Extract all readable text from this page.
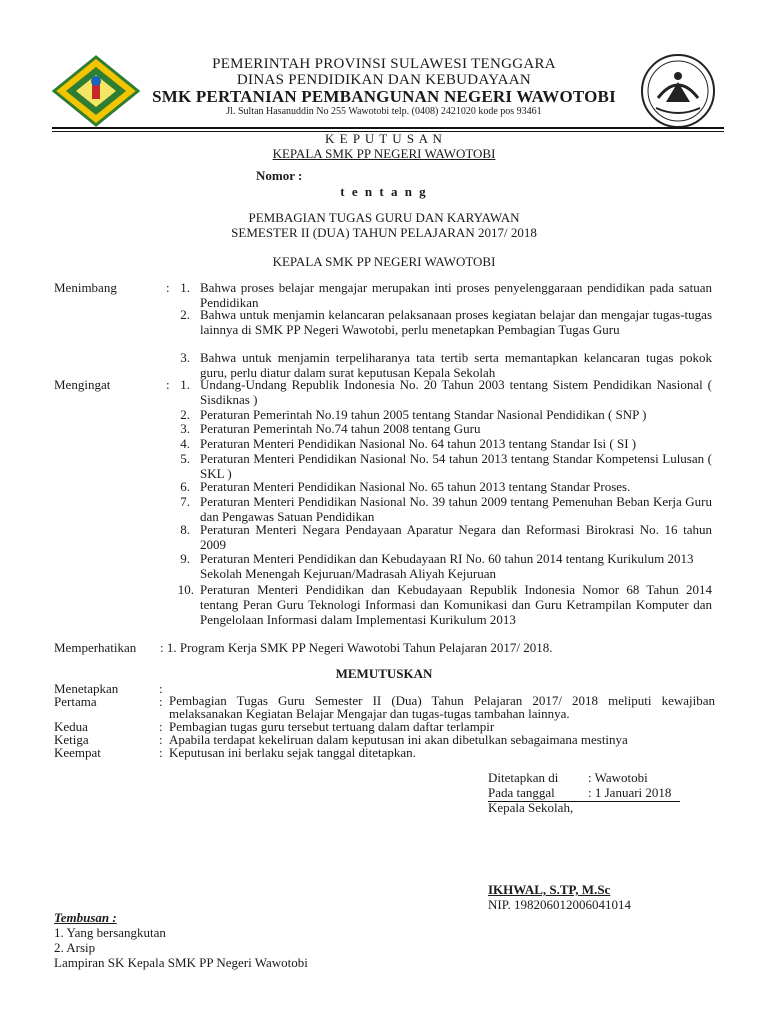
PEMERINTAH PROVINSI SULAWESI TENGGARA
DINAS PENDIDIKAN DAN KEBUDAYAAN
SMK PERTANIAN PEMBANGUNAN NEGERI WAWOTOBI
Jl. Sultan Hasanuddin No 255 Wawotobi telp. (0408) 2421020 kode pos 93461
K E P U T U S A N
KEPALA SMK PP NEGERI WAWOTOBI
Nomor :
t e n t a n g
PEMBAGIAN TUGAS GURU DAN KARYAWAN
SEMESTER II (DUA) TAHUN PELAJARAN 2017/ 2018
KEPALA SMK PP NEGERI WAWOTOBI
Menimbang	: 1. Bahwa proses belajar mengajar merupakan inti proses penyelenggaraan pendidikan pada satuan Pendidikan
2. Bahwa untuk menjamin kelancaran pelaksanaan proses kegiatan belajar dan mengajar tugas-tugas lainnya di SMK PP Negeri Wawotobi, perlu menetapkan Pembagian Tugas Guru
3. Bahwa untuk menjamin terpeliharanya tata tertib serta memantapkan kelancaran tugas pokok guru, perlu diatur dalam surat keputusan Kepala Sekolah
Mengingat	: 1. Undang-Undang Republik Indonesia No. 20 Tahun 2003 tentang Sistem Pendidikan Nasional ( Sisdiknas )
2. Peraturan Pemerintah No.19 tahun 2005 tentang Standar Nasional Pendidikan ( SNP )
3. Peraturan Pemerintah No.74 tahun 2008 tentang Guru
4. Peraturan Menteri Pendidikan Nasional No. 64 tahun 2013 tentang Standar Isi ( SI )
5. Peraturan Menteri Pendidikan Nasional No. 54 tahun 2013 tentang Standar Kompetensi Lulusan ( SKL )
6. Peraturan Menteri Pendidikan Nasional No. 65 tahun 2013 tentang Standar Proses.
7. Peraturan Menteri Pendidikan Nasional No. 39 tahun 2009 tentang Pemenuhan Beban Kerja Guru dan Pengawas Satuan Pendidikan
8. Peraturan Menteri Negara Pendayaan Aparatur Negara dan Reformasi Birokrasi No. 16 tahun 2009
9. Peraturan Menteri Pendidikan dan Kebudayaan RI No. 60 tahun 2014 tentang Kurikulum 2013 Sekolah Menengah Kejuruan/Madrasah Aliyah Kejuruan
10. Peraturan Menteri Pendidikan dan Kebudayaan Republik Indonesia Nomor 68 Tahun 2014 tentang Peran Guru Teknologi Informasi dan Komunikasi dan Guru Ketrampilan Komputer dan Pengelolaan Informasi dalam Implementasi Kurikulum 2013
Memperhatikan : 1. Program Kerja SMK PP Negeri Wawotobi Tahun Pelajaran 2017/ 2018.
MEMUTUSKAN
Menetapkan	:
Pertama	: Pembagian Tugas Guru Semester II (Dua) Tahun Pelajaran 2017/ 2018 meliputi kewajiban melaksanakan Kegiatan Belajar Mengajar dan tugas-tugas tambahan lainnya.
Kedua	: Pembagian tugas guru tersebut tertuang dalam daftar terlampir
Ketiga	: Apabila terdapat kekeliruan dalam keputusan ini akan dibetulkan sebagaimana mestinya
Keempat	: Keputusan ini berlaku sejak tanggal ditetapkan.
Ditetapkan di : Wawotobi
Pada tanggal	: 1 Januari 2018
Kepala Sekolah,
IKHWAL, S.TP, M.Sc
NIP. 198206012006041014
Tembusan :
1. Yang bersangkutan
2. Arsip
Lampiran SK Kepala SMK PP Negeri Wawotobi
